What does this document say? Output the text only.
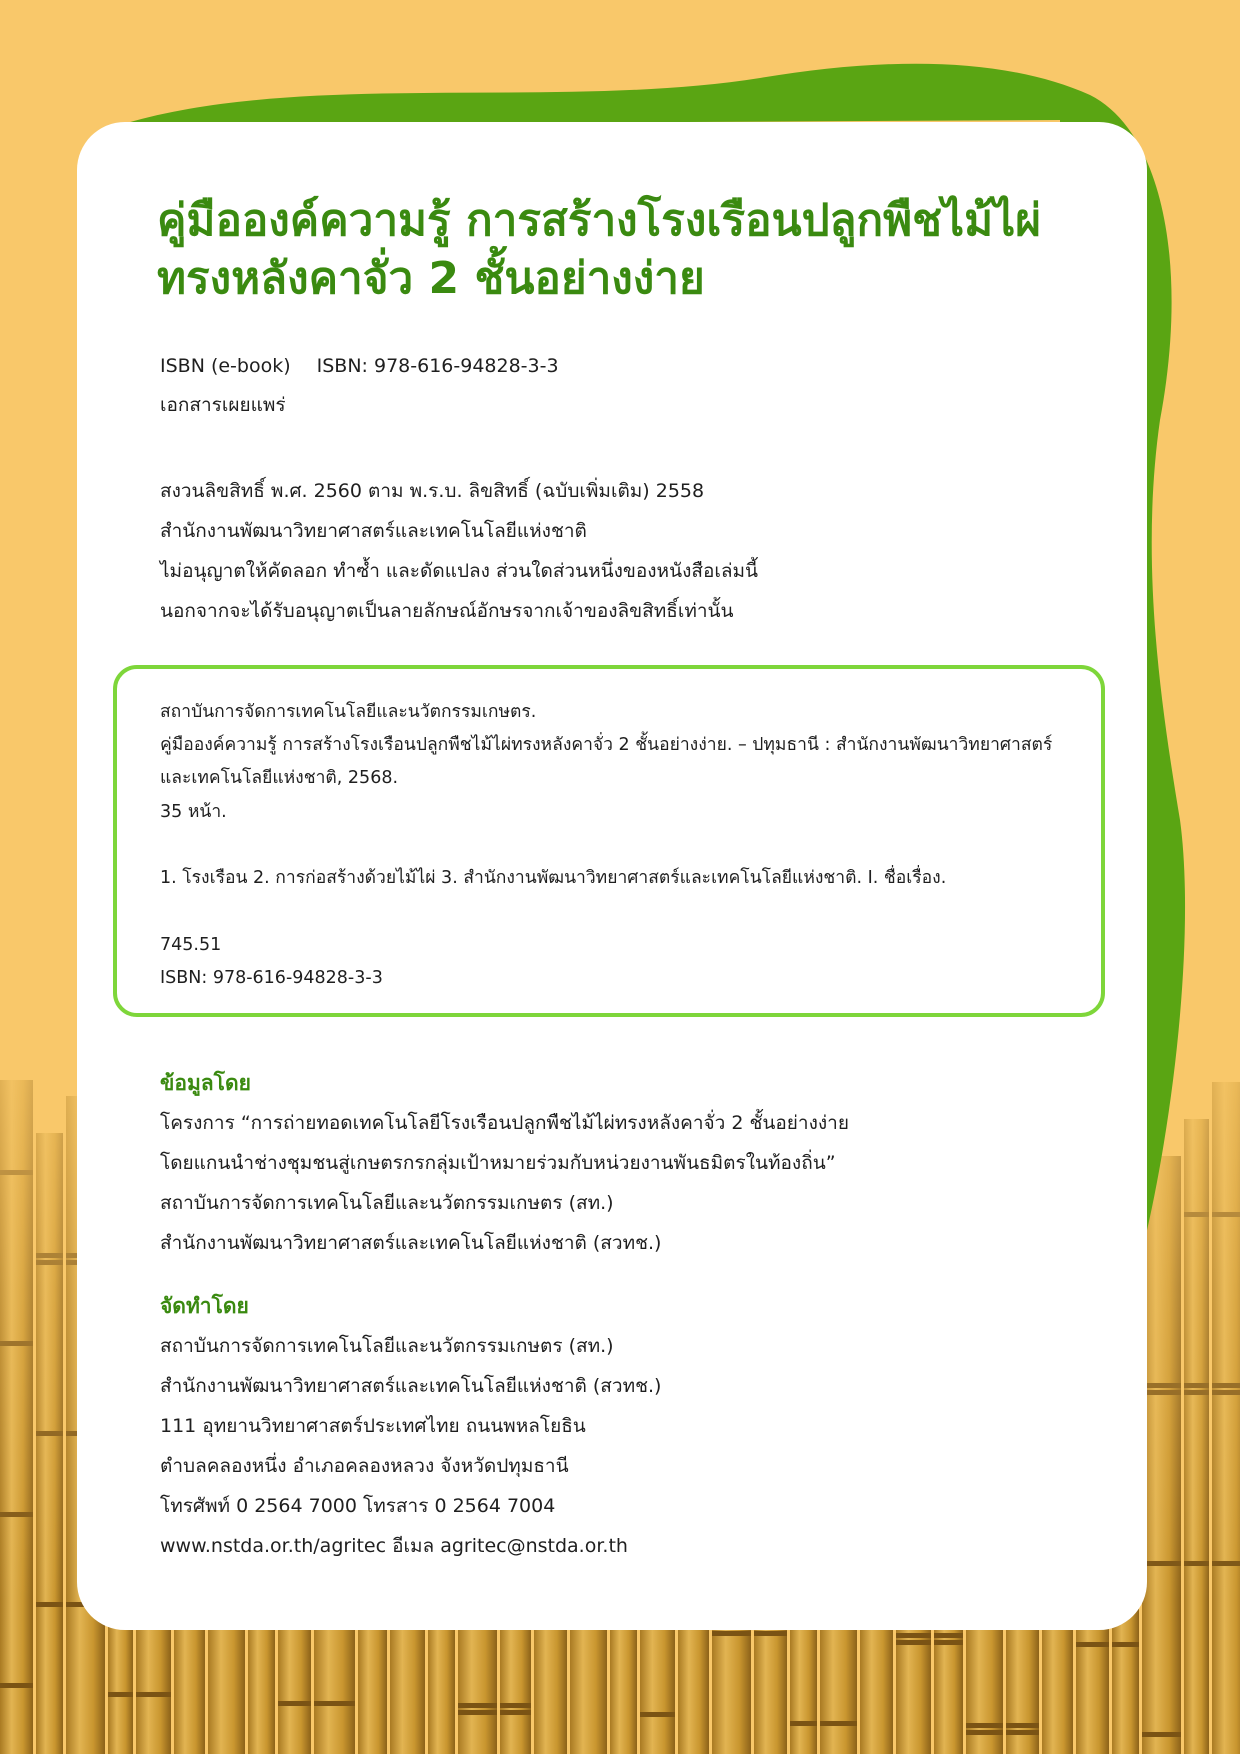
คู่มือองค์ความรู้ การสร้างโรงเรือนปลูกพืชไม้ไผ่
ทรงหลังคาจั่ว 2 ชั้นอย่างง่าย
ISBN (e-book) ISBN: 978-616-94828-3-3
เอกสารเผยแพร่
สงวนลิขสิทธิ์ พ.ศ. 2560 ตาม พ.ร.บ. ลิขสิทธิ์ (ฉบับเพิ่มเติม) 2558
สำนักงานพัฒนาวิทยาศาสตร์และเทคโนโลยีแห่งชาติ
ไม่อนุญาตให้คัดลอก ทำซ้ำ และดัดแปลง ส่วนใดส่วนหนึ่งของหนังสือเล่มนี้
นอกจากจะได้รับอนุญาตเป็นลายลักษณ์อักษรจากเจ้าของลิขสิทธิ์เท่านั้น
สถาบันการจัดการเทคโนโลยีและนวัตกรรมเกษตร.
คู่มือองค์ความรู้ การสร้างโรงเรือนปลูกพืชไม้ไผ่ทรงหลังคาจั่ว 2 ชั้นอย่างง่าย. – ปทุมธานี : สำนักงานพัฒนาวิทยาศาสตร์
และเทคโนโลยีแห่งชาติ, 2568.
35 หน้า.
1. โรงเรือน 2. การก่อสร้างด้วยไม้ไผ่ 3. สำนักงานพัฒนาวิทยาศาสตร์และเทคโนโลยีแห่งชาติ. I. ชื่อเรื่อง.
745.51
ISBN: 978-616-94828-3-3
ข้อมูลโดย
โครงการ “การถ่ายทอดเทคโนโลยีโรงเรือนปลูกพืชไม้ไผ่ทรงหลังคาจั่ว 2 ชั้นอย่างง่าย
โดยแกนนำช่างชุมชนสู่เกษตรกรกลุ่มเป้าหมายร่วมกับหน่วยงานพันธมิตรในท้องถิ่น”
สถาบันการจัดการเทคโนโลยีและนวัตกรรมเกษตร (สท.)
สำนักงานพัฒนาวิทยาศาสตร์และเทคโนโลยีแห่งชาติ (สวทช.)
จัดทำโดย
สถาบันการจัดการเทคโนโลยีและนวัตกรรมเกษตร (สท.)
สำนักงานพัฒนาวิทยาศาสตร์และเทคโนโลยีแห่งชาติ (สวทช.)
111 อุทยานวิทยาศาสตร์ประเทศไทย ถนนพหลโยธิน
ตำบลคลองหนึ่ง อำเภอคลองหลวง จังหวัดปทุมธานี
โทรศัพท์ 0 2564 7000 โทรสาร 0 2564 7004
www.nstda.or.th/agritec อีเมล agritec@nstda.or.th
